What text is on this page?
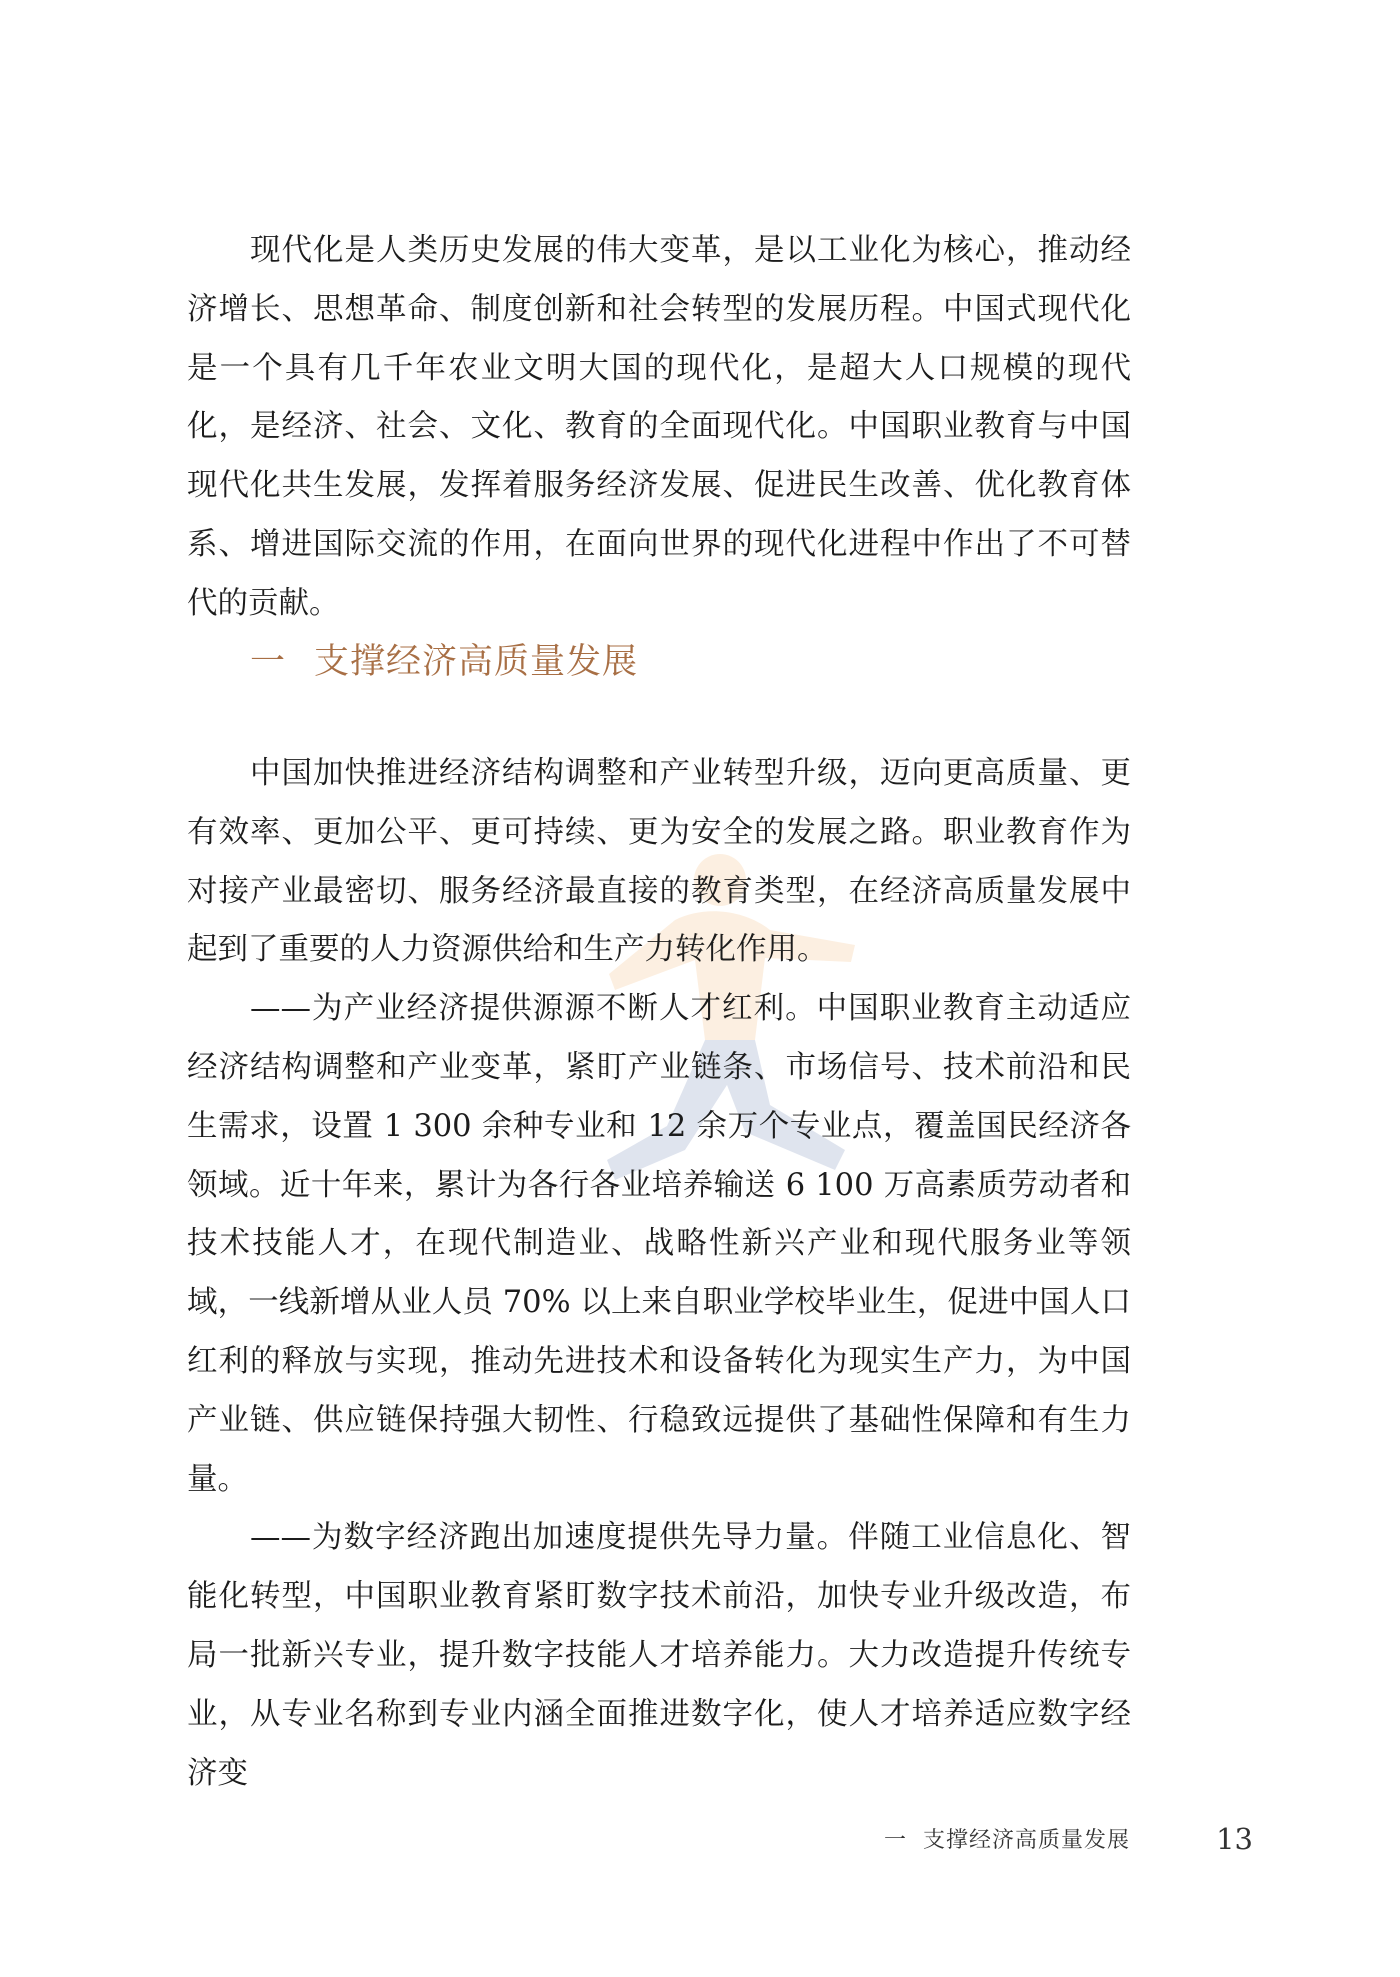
现代化是人类历史发展的伟大变革，是以工业化为核心，推动经济增长、思想革命、制度创新和社会转型的发展历程。中国式现代化是一个具有几千年农业文明大国的现代化，是超大人口规模的现代化，是经济、社会、文化、教育的全面现代化。中国职业教育与中国现代化共生发展，发挥着服务经济发展、促进民生改善、优化教育体系、增进国际交流的作用，在面向世界的现代化进程中作出了不可替代的贡献。

一 支撑经济高质量发展

中国加快推进经济结构调整和产业转型升级，迈向更高质量、更有效率、更加公平、更可持续、更为安全的发展之路。职业教育作为对接产业最密切、服务经济最直接的教育类型，在经济高质量发展中起到了重要的人力资源供给和生产力转化作用。

——为产业经济提供源源不断人才红利。中国职业教育主动适应经济结构调整和产业变革，紧盯产业链条、市场信号、技术前沿和民生需求，设置 1 300 余种专业和 12 余万个专业点，覆盖国民经济各领域。近十年来，累计为各行各业培养输送 6 100 万高素质劳动者和技术技能人才，在现代制造业、战略性新兴产业和现代服务业等领域，一线新增从业人员 70% 以上来自职业学校毕业生，促进中国人口红利的释放与实现，推动先进技术和设备转化为现实生产力，为中国产业链、供应链保持强大韧性、行稳致远提供了基础性保障和有生力量。

——为数字经济跑出加速度提供先导力量。伴随工业信息化、智能化转型，中国职业教育紧盯数字技术前沿，加快专业升级改造，布局一批新兴专业，提升数字技能人才培养能力。大力改造提升传统专业，从专业名称到专业内涵全面推进数字化，使人才培养适应数字经济变

一  支撑经济高质量发展	13
